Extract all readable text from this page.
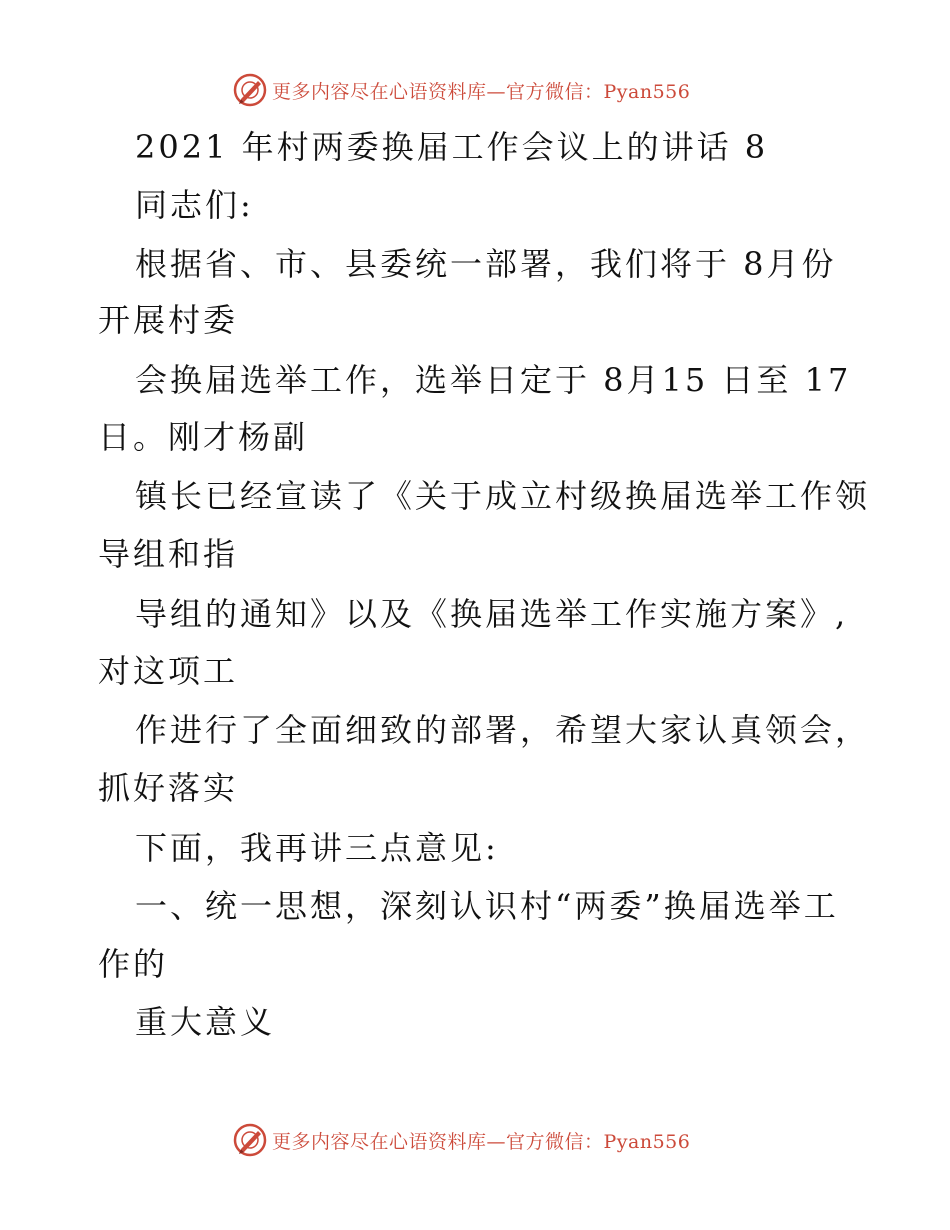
更多内容尽在心语资料库—官方微信：Pyan556

2021 年村两委换届工作会议上的讲话 8

同志们:

根据省、市、县委统一部署，我们将于 8月份

开展村委

会换届选举工作，选举日定于 8月15 日至 17

日。刚才杨副

镇长已经宣读了《关于成立村级换届选举工作领

导组和指

导组的通知》以及《换届选举工作实施方案》,

对这项工

作进行了全面细致的部署，希望大家认真领会，

抓好落实

下面，我再讲三点意见:

一、统一思想，深刻认识村“两委”换届选举工

作的

重大意义

更多内容尽在心语资料库—官方微信：Pyan556
